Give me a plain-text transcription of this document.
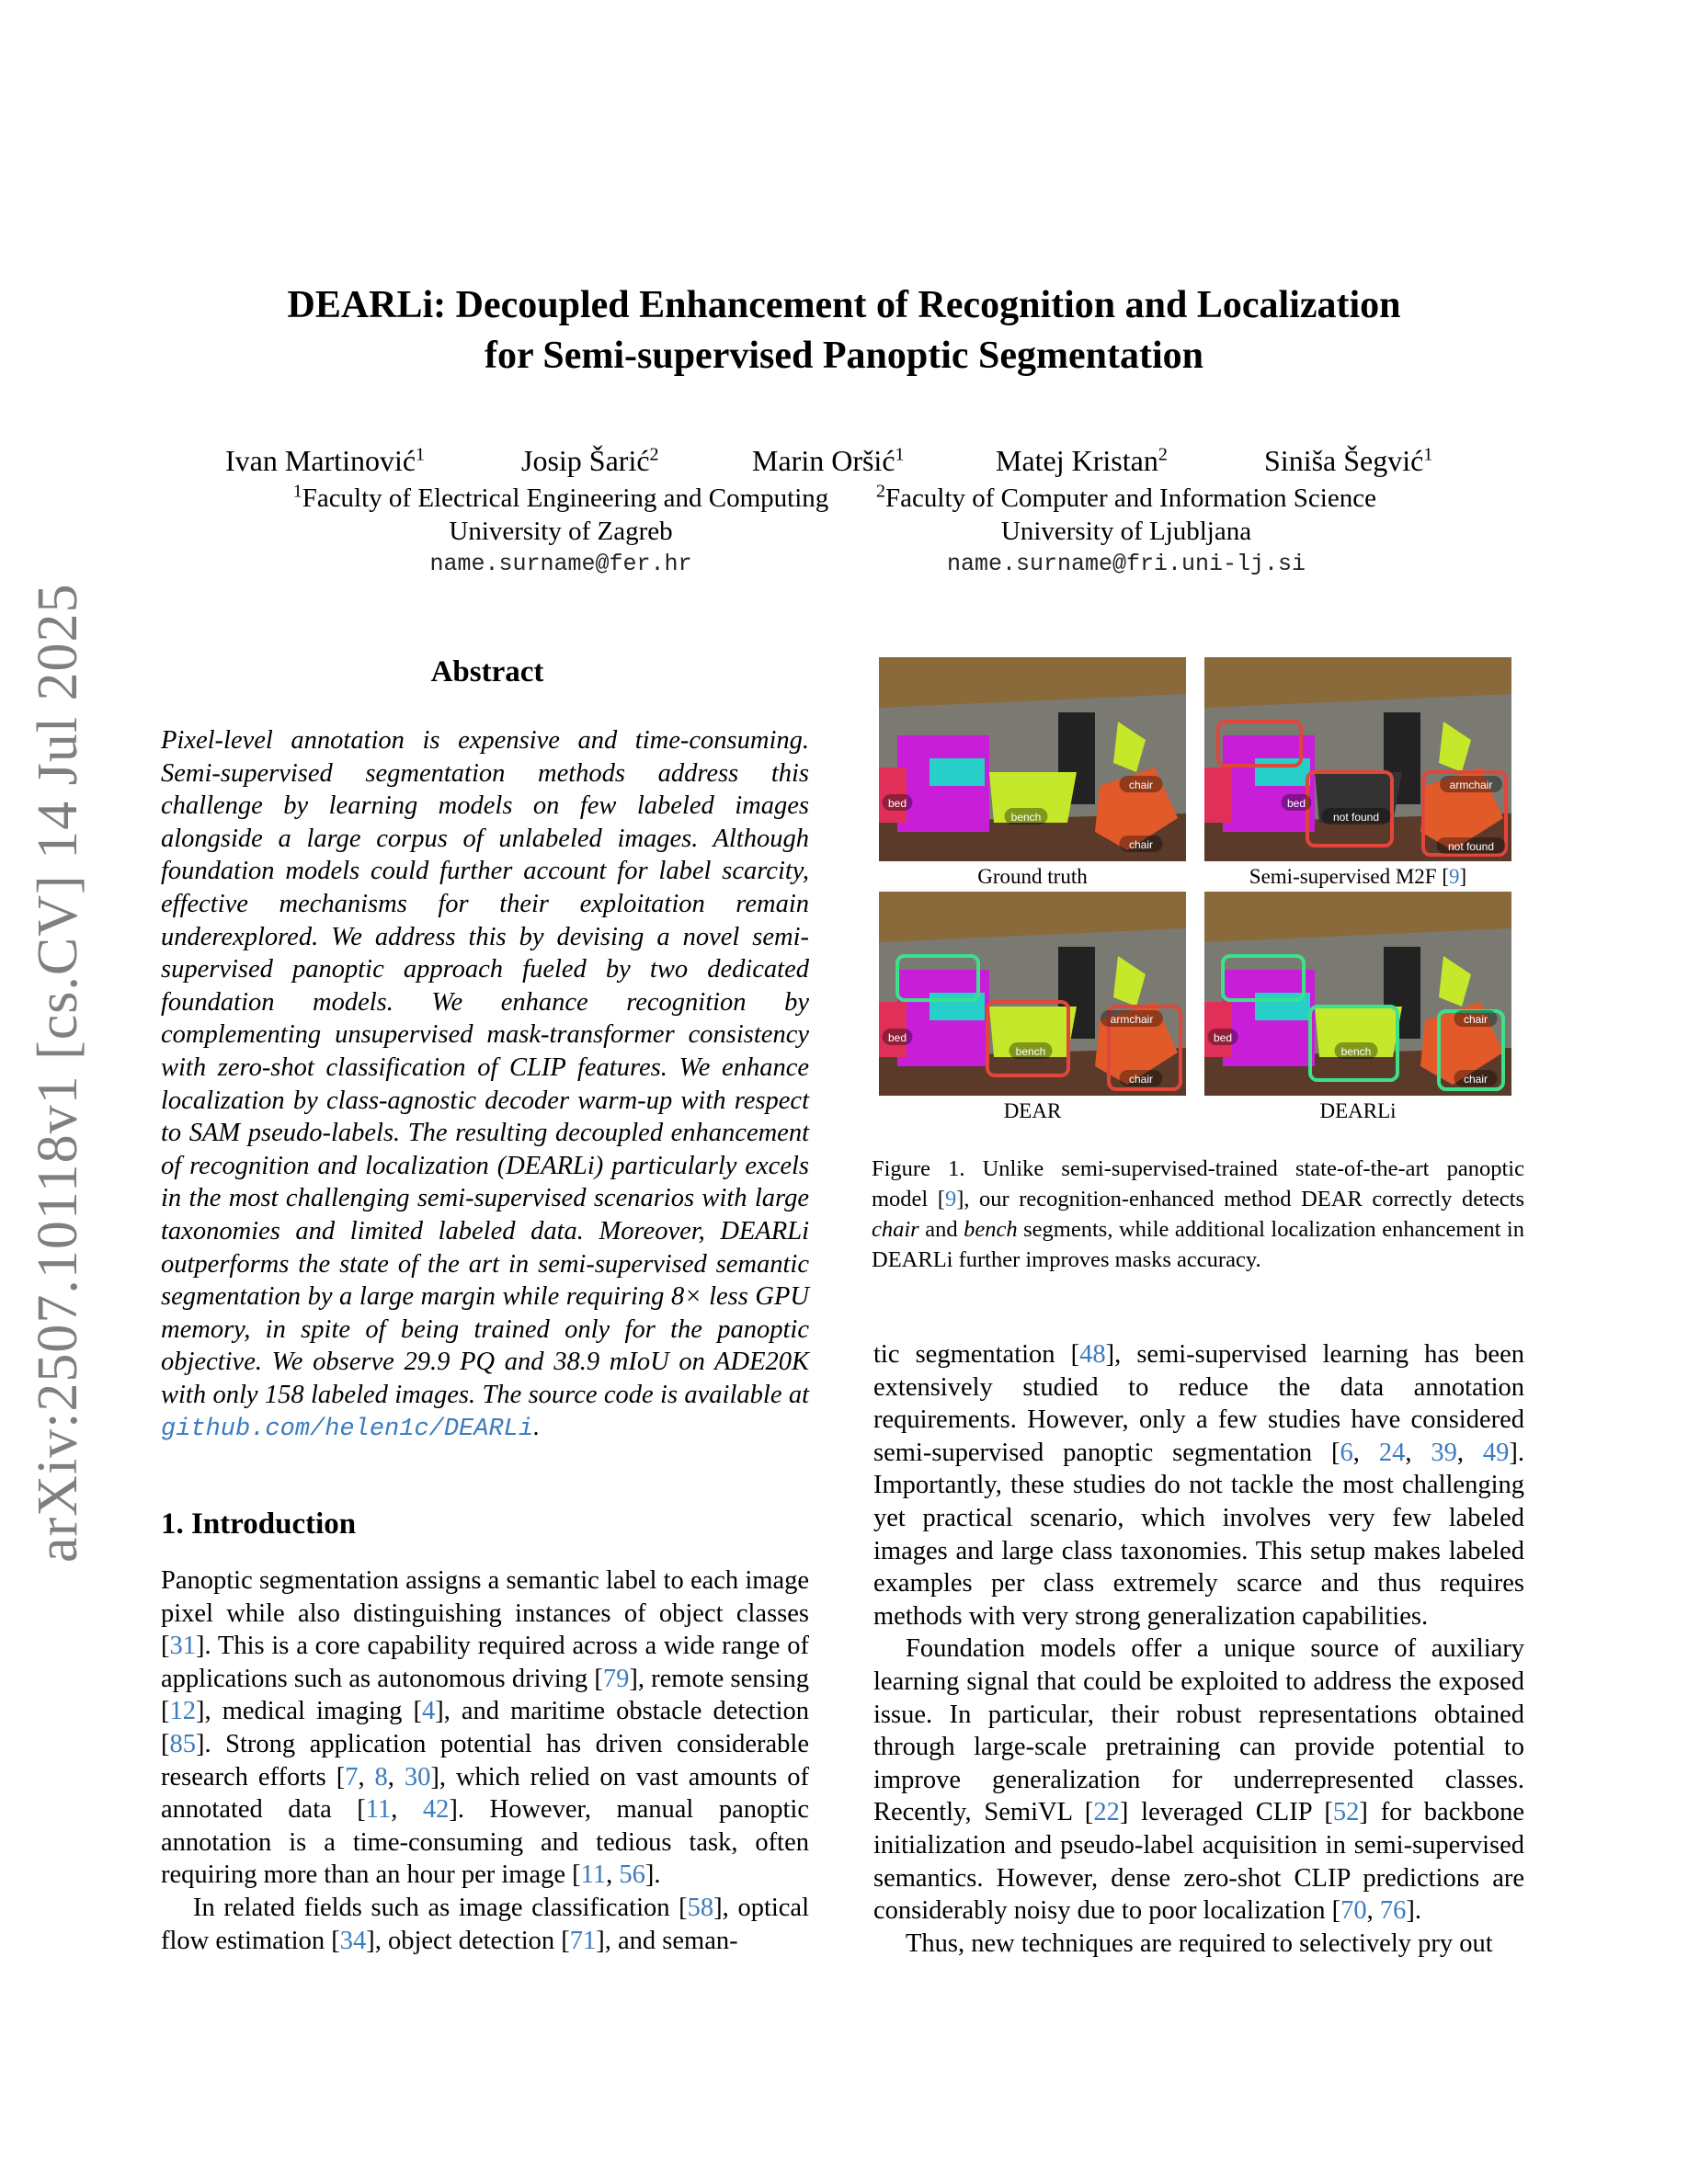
DEARLi: Decoupled Enhancement of Recognition and Localization
for Semi-supervised Panoptic Segmentation
Ivan Martinović$^1$	Josip Šarić$^2$	Marin Oršić$^1$	Matej Kristan$^2$	Siniša Šegvić$^1$
$^1$Faculty of Electrical Engineering and Computing
University of Zagreb
name.surname@fer.hr
$^2$Faculty of Computer and Information Science
University of Ljubljana
name.surname@fri.uni-lj.si
arXiv:2507.10118v1 [cs.CV] 14 Jul 2025	Abstract
Pixel-level annotation is expensive and time-consuming. Semi-supervised segmentation methods address this challenge by learning models on few labeled images alongside a large corpus of unlabeled images. Although foundation models could further account for label scarcity, effective mechanisms for their exploitation remain underexplored. We address this by devising a novel semi-supervised panoptic approach fueled by two dedicated foundation models. We enhance recognition by complementing unsupervised mask-transformer consistency with zero-shot classification of CLIP features. We enhance localization by class-agnostic decoder warm-up with respect to SAM pseudo-labels. The resulting decoupled enhancement of recognition and localization (DEARLi) particularly excels in the most challenging semi-supervised scenarios with large taxonomies and limited labeled data. Moreover, DEARLi outperforms the state of the art in semi-supervised semantic segmentation by a large margin while requiring 8× less GPU memory, in spite of being trained only for the panoptic objective. We observe 29.9 PQ and 38.9 mIoU on ADE20K with only 158 labeled images. The source code is available at github.com/helen1c/DEARLi.
1. Introduction

Panoptic segmentation assigns a semantic label to each image pixel while also distinguishing instances of object classes [31]. This is a core capability required across a wide range of applications such as autonomous driving [79], remote sensing [12], medical imaging [4], and maritime obstacle detection [85]. Strong application potential has driven considerable research efforts [7, 8, 30], which relied on vast amounts of annotated data [11, 42]. However, manual panoptic annotation is a time-consuming and tedious task, often requiring more than an hour per image [11, 56].

In related fields such as image classification [58], optical flow estimation [34], object detection [71], and seman-

bed
bench
chair
chair
bed
not found
armchair
not found
bed
bench
armchair
chair
bed
bench
chair
chair
Ground truth	Semi-supervised M2F [9]
DEAR	DEARLi
Figure 1. Unlike semi-supervised-trained state-of-the-art panoptic model [9], our recognition-enhanced method DEAR correctly detects chair and bench segments, while additional localization enhancement in DEARLi further improves masks accuracy.

tic segmentation [48], semi-supervised learning has been extensively studied to reduce the data annotation requirements. However, only a few studies have considered semi-supervised panoptic segmentation [6, 24, 39, 49]. Importantly, these studies do not tackle the most challenging yet practical scenario, which involves very few labeled images and large class taxonomies. This setup makes labeled examples per class extremely scarce and thus requires methods with very strong generalization capabilities.

Foundation models offer a unique source of auxiliary learning signal that could be exploited to address the exposed issue. In particular, their robust representations obtained through large-scale pretraining can provide potential to improve generalization for underrepresented classes. Recently, SemiVL [22] leveraged CLIP [52] for backbone initialization and pseudo-label acquisition in semi-supervised semantics. However, dense zero-shot CLIP predictions are considerably noisy due to poor localization [70, 76].

Thus, new techniques are required to selectively pry out
